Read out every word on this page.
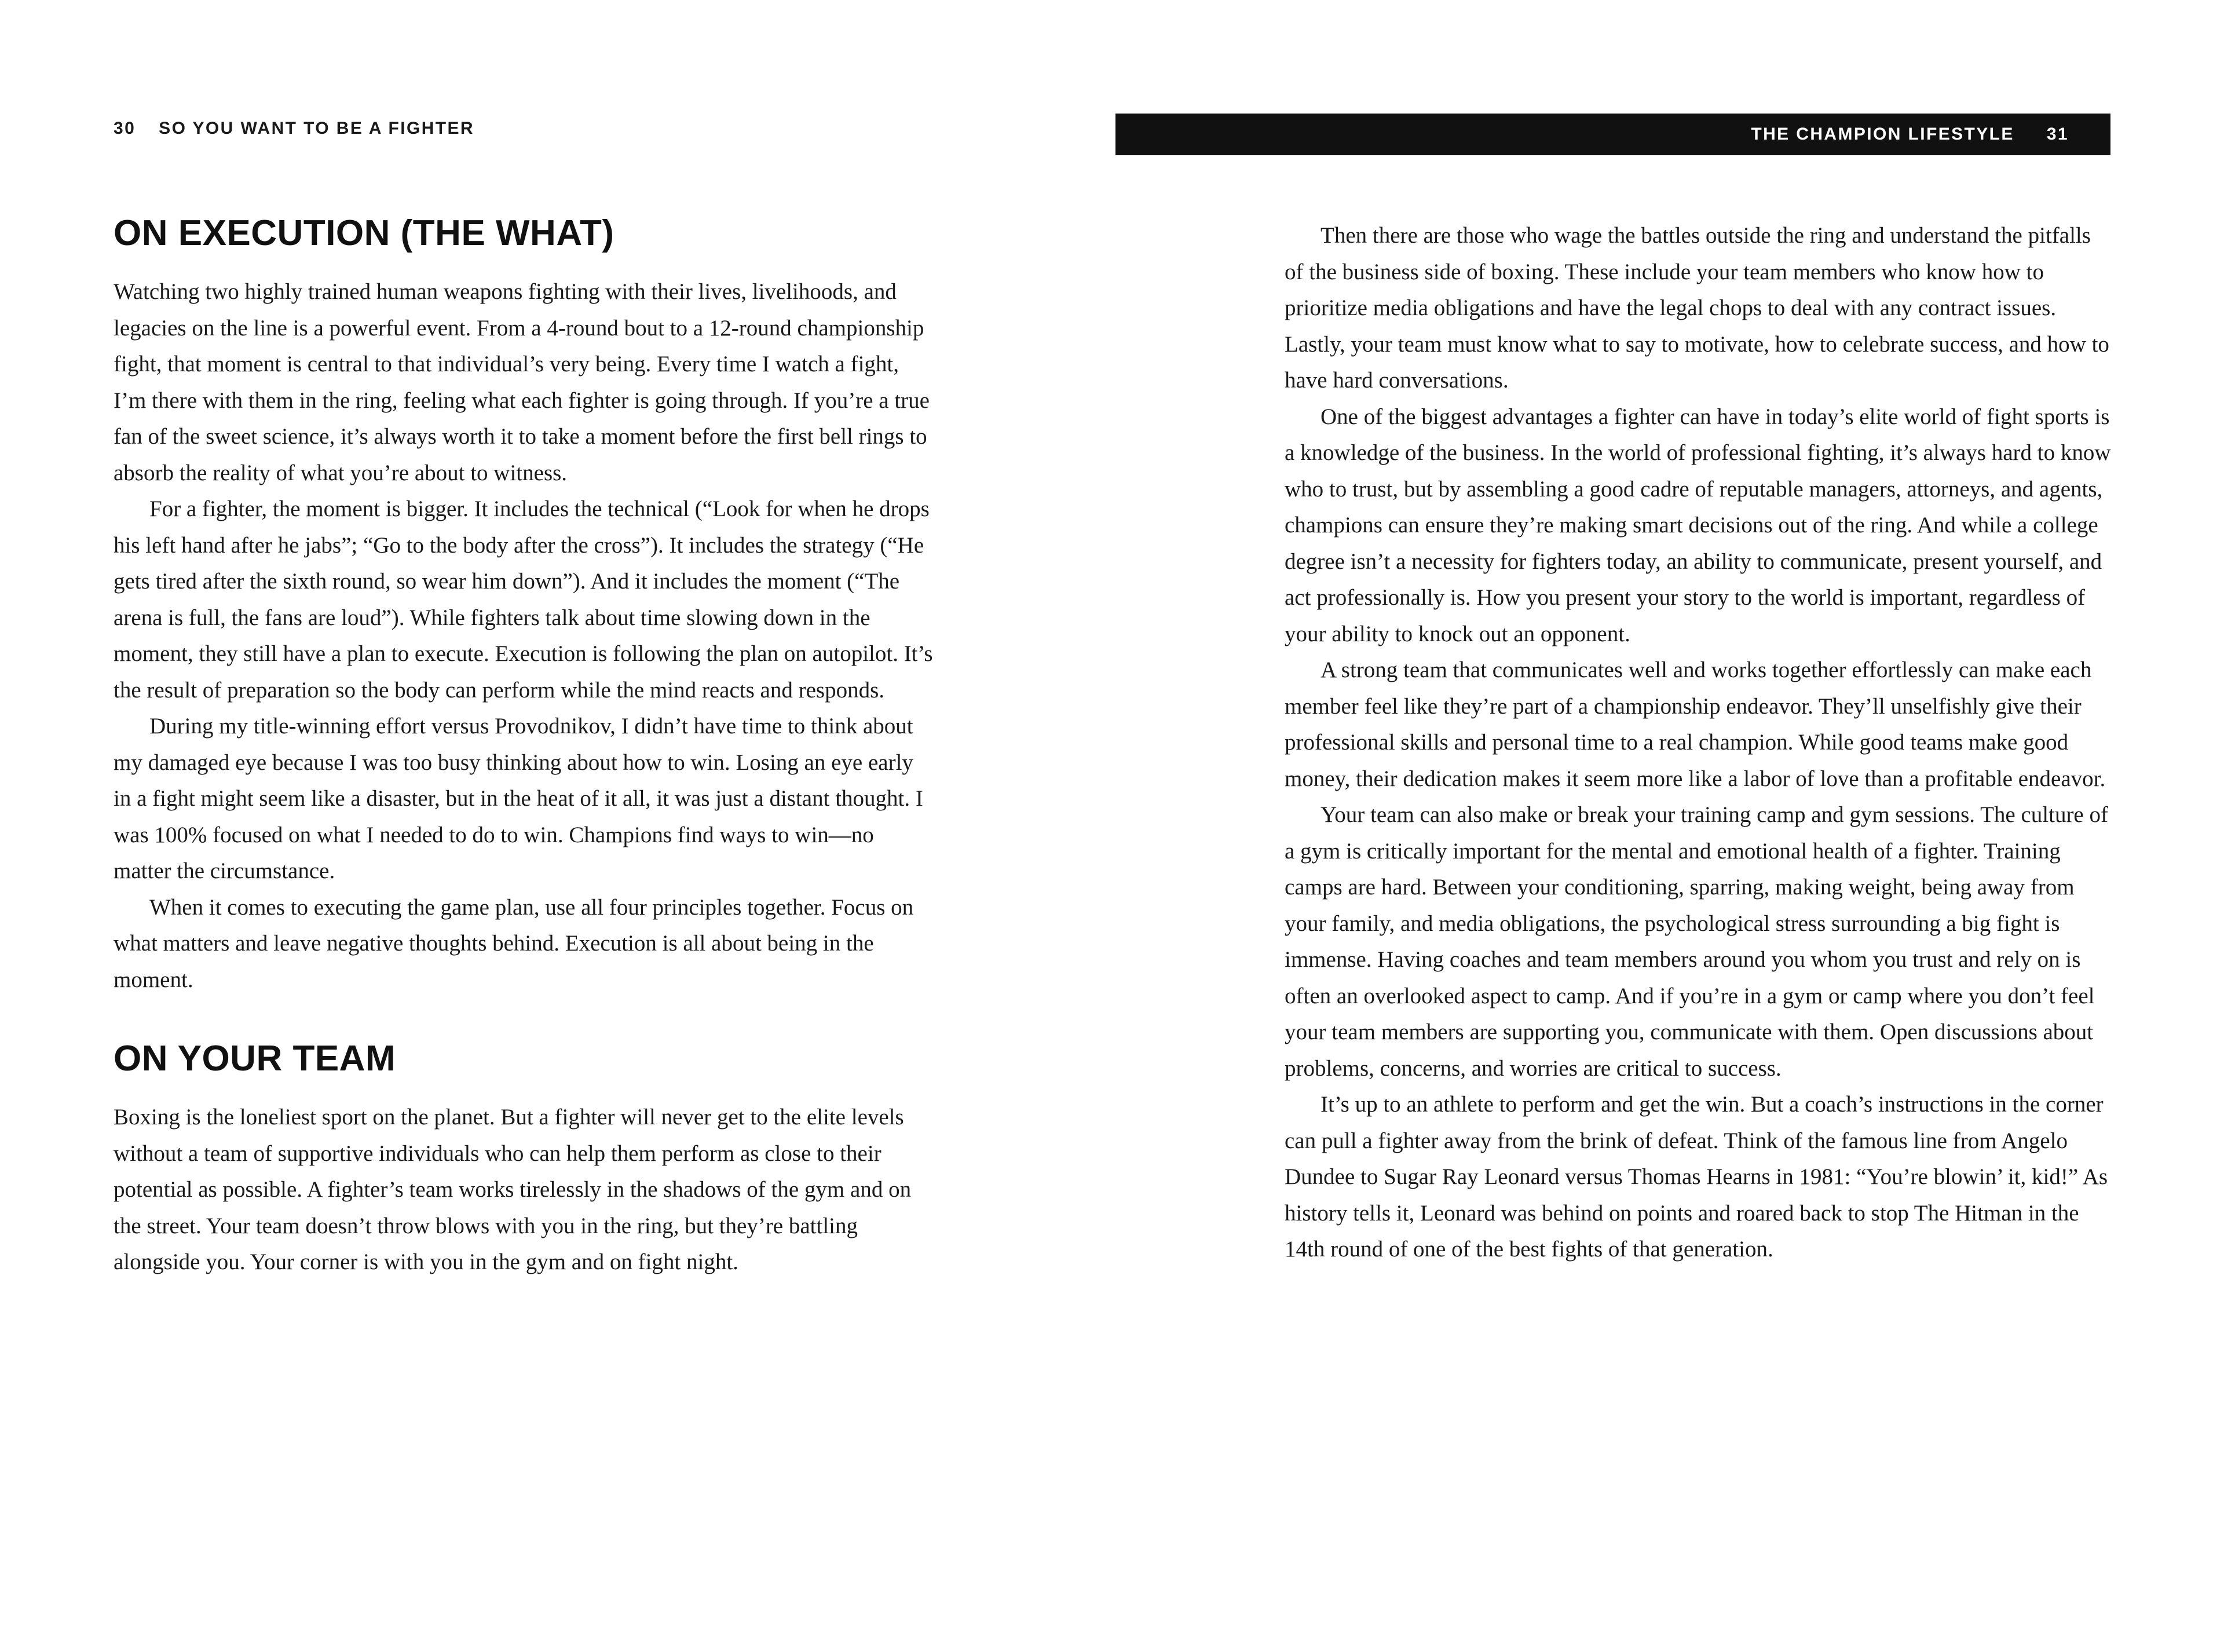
30 SO YOU WANT TO BE A FIGHTER	THE CHAMPION LIFESTYLE 31
ON EXECUTION (THE WHAT)

Watching two highly trained human weapons fighting with their lives, livelihoods, and legacies on the line is a powerful event. From a 4-round bout to a 12-round championship fight, that moment is central to that individual’s very being. Every time I watch a fight, I’m there with them in the ring, feeling what each fighter is going through. If you’re a true fan of the sweet science, it’s always worth it to take a moment before the first bell rings to absorb the reality of what you’re about to witness.

For a fighter, the moment is bigger. It includes the technical (“Look for when he drops his left hand after he jabs”; “Go to the body after the cross”). It includes the strategy (“He gets tired after the sixth round, so wear him down”). And it includes the moment (“The arena is full, the fans are loud”). While fighters talk about time slowing down in the moment, they still have a plan to execute. Execution is following the plan on autopilot. It’s the result of preparation so the body can perform while the mind reacts and responds.

During my title-winning effort versus Provodnikov, I didn’t have time to think about my damaged eye because I was too busy thinking about how to win. Losing an eye early in a fight might seem like a disaster, but in the heat of it all, it was just a distant thought. I was 100% focused on what I needed to do to win. Champions find ways to win—no matter the circumstance.

When it comes to executing the game plan, use all four principles together. Focus on what matters and leave negative thoughts behind. Execution is all about being in the moment.

ON YOUR TEAM

Boxing is the loneliest sport on the planet. But a fighter will never get to the elite levels without a team of supportive individuals who can help them perform as close to their potential as possible. A fighter’s team works tirelessly in the shadows of the gym and on the street. Your team doesn’t throw blows with you in the ring, but they’re battling alongside you. Your corner is with you in the gym and on fight night.

Then there are those who wage the battles outside the ring and understand the pitfalls of the business side of boxing. These include your team members who know how to prioritize media obligations and have the legal chops to deal with any contract issues. Lastly, your team must know what to say to motivate, how to celebrate success, and how to have hard conversations.

One of the biggest advantages a fighter can have in today’s elite world of fight sports is a knowledge of the business. In the world of professional fighting, it’s always hard to know who to trust, but by assembling a good cadre of reputable managers, attorneys, and agents, champions can ensure they’re making smart decisions out of the ring. And while a college degree isn’t a necessity for fighters today, an ability to communicate, present yourself, and act professionally is. How you present your story to the world is important, regardless of your ability to knock out an opponent.

A strong team that communicates well and works together effortlessly can make each member feel like they’re part of a championship endeavor. They’ll unselfishly give their professional skills and personal time to a real champion. While good teams make good money, their dedication makes it seem more like a labor of love than a profitable endeavor.

Your team can also make or break your training camp and gym sessions. The culture of a gym is critically important for the mental and emotional health of a fighter. Training camps are hard. Between your conditioning, sparring, making weight, being away from your family, and media obligations, the psychological stress surrounding a big fight is immense. Having coaches and team members around you whom you trust and rely on is often an overlooked aspect to camp. And if you’re in a gym or camp where you don’t feel your team members are supporting you, communicate with them. Open discussions about problems, concerns, and worries are critical to success.

It’s up to an athlete to perform and get the win. But a coach’s instructions in the corner can pull a fighter away from the brink of defeat. Think of the famous line from Angelo Dundee to Sugar Ray Leonard versus Thomas Hearns in 1981: “You’re blowin’ it, kid!” As history tells it, Leonard was behind on points and roared back to stop The Hitman in the 14th round of one of the best fights of that generation.
